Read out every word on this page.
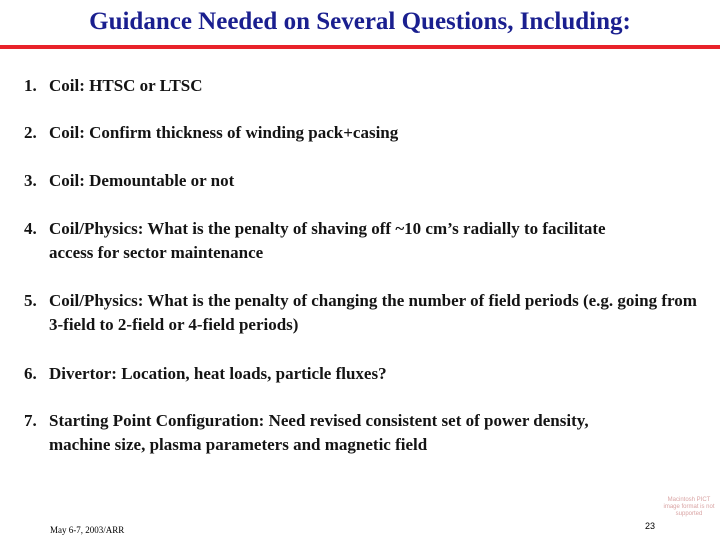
Guidance Needed on Several Questions, Including:
1. Coil: HTSC or LTSC
2. Coil: Confirm thickness of winding pack+casing
3. Coil: Demountable or not
4. Coil/Physics: What is the penalty of shaving off ~10 cm’s radially to facilitate access for sector maintenance
5. Coil/Physics: What is the penalty of changing the number of field periods (e.g. going from 3-field to 2-field or 4-field periods)
6. Divertor: Location, heat loads, particle fluxes?
7. Starting Point Configuration: Need revised consistent set of power density, machine size, plasma parameters and magnetic field
Macintosh PICT image format is not supported
May 6-7, 2003/ARR	23
